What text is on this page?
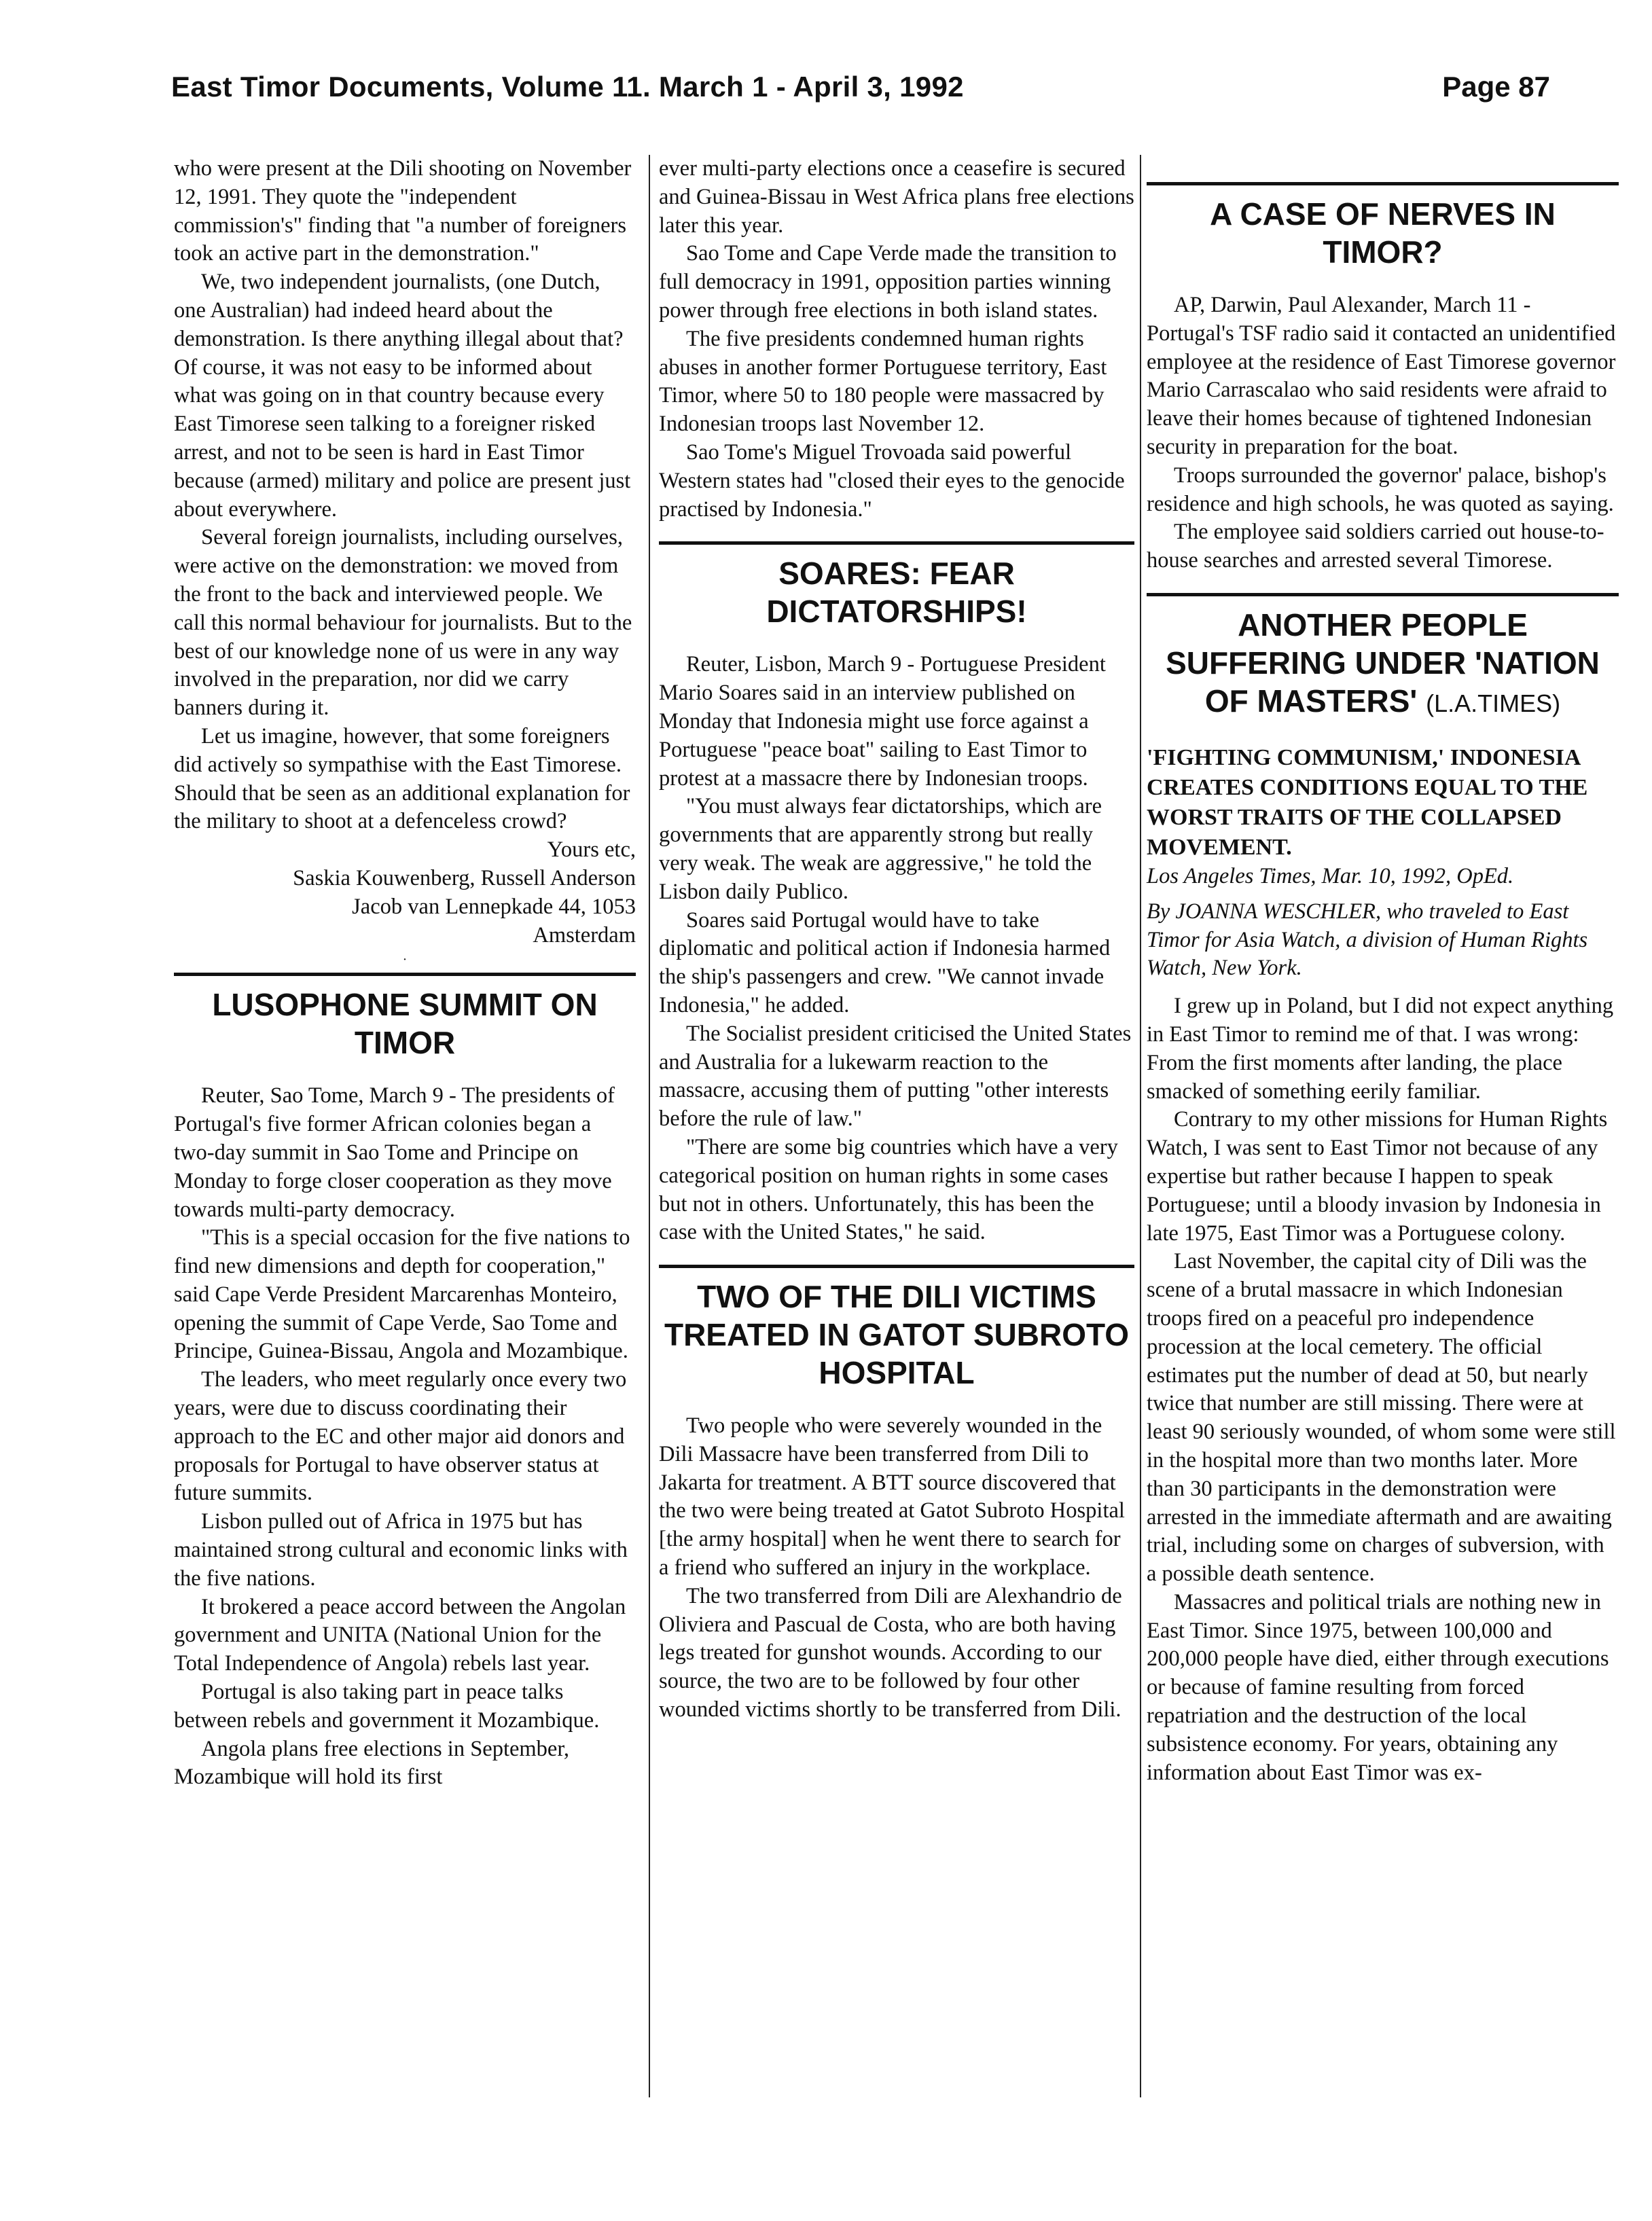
East Timor Documents, Volume 11. March 1 - April 3, 1992	Page 87

who were present at the Dili shooting on November 12, 1991. They quote the "independent commission's" finding that "a number of foreigners took an active part in the demonstration."

We, two independent journalists, (one Dutch, one Australian) had indeed heard about the demonstration. Is there anything illegal about that? Of course, it was not easy to be informed about what was going on in that country because every East Timorese seen talking to a foreigner risked arrest, and not to be seen is hard in East Timor because (armed) military and police are present just about everywhere.

Several foreign journalists, including ourselves, were active on the demonstration: we moved from the front to the back and interviewed people. We call this normal behaviour for journalists. But to the best of our knowledge none of us were in any way involved in the preparation, nor did we carry banners during it.

Let us imagine, however, that some foreigners did actively so sympathise with the East Timorese. Should that be seen as an additional explanation for the military to shoot at a defenceless crowd?

Yours etc,

Saskia Kouwenberg, Russell Anderson

Jacob van Lennepkade 44, 1053

Amsterdam

·
LUSOPHONE SUMMIT ON TIMOR

Reuter, Sao Tome, March 9 - The presidents of Portugal's five former African colonies began a two-day summit in Sao Tome and Principe on Monday to forge closer cooperation as they move towards multi-party democracy.

"This is a special occasion for the five nations to find new dimensions and depth for cooperation," said Cape Verde President Marcarenhas Monteiro, opening the summit of Cape Verde, Sao Tome and Principe, Guinea-Bissau, Angola and Mozambique.

The leaders, who meet regularly once every two years, were due to discuss coordinating their approach to the EC and other major aid donors and proposals for Portugal to have observer status at future summits.

Lisbon pulled out of Africa in 1975 but has maintained strong cultural and economic links with the five nations.

It brokered a peace accord between the Angolan government and UNITA (National Union for the Total Independence of Angola) rebels last year.

Portugal is also taking part in peace talks between rebels and government it Mozambique.

Angola plans free elections in September, Mozambique will hold its first

ever multi-party elections once a ceasefire is secured and Guinea-Bissau in West Africa plans free elections later this year.

Sao Tome and Cape Verde made the transition to full democracy in 1991, opposition parties winning power through free elections in both island states.

The five presidents condemned human rights abuses in another former Portuguese territory, East Timor, where 50 to 180 people were massacred by Indonesian troops last November 12.

Sao Tome's Miguel Trovoada said powerful Western states had "closed their eyes to the genocide practised by Indonesia."

SOARES: FEAR DICTATORSHIPS!

Reuter, Lisbon, March 9 - Portuguese President Mario Soares said in an interview published on Monday that Indonesia might use force against a Portuguese "peace boat" sailing to East Timor to protest at a massacre there by Indonesian troops.

"You must always fear dictatorships, which are governments that are apparently strong but really very weak. The weak are aggressive," he told the Lisbon daily Publico.

Soares said Portugal would have to take diplomatic and political action if Indonesia harmed the ship's passengers and crew. "We cannot invade Indonesia," he added.

The Socialist president criticised the United States and Australia for a lukewarm reaction to the massacre, accusing them of putting "other interests before the rule of law."

"There are some big countries which have a very categorical position on human rights in some cases but not in others. Unfortunately, this has been the case with the United States," he said.

TWO OF THE DILI VICTIMS TREATED IN GATOT SUBROTO HOSPITAL

Two people who were severely wounded in the Dili Massacre have been transferred from Dili to Jakarta for treatment. A BTT source discovered that the two were being treated at Gatot Subroto Hospital [the army hospital] when he went there to search for a friend who suffered an injury in the workplace.

The two transferred from Dili are Alexhandrio de Oliviera and Pascual de Costa, who are both having legs treated for gunshot wounds. According to our source, the two are to be followed by four other wounded victims shortly to be transferred from Dili.

A CASE OF NERVES IN TIMOR?

AP, Darwin, Paul Alexander, March 11 - Portugal's TSF radio said it contacted an unidentified employee at the residence of East Timorese governor Mario Carrascalao who said residents were afraid to leave their homes because of tightened Indonesian security in preparation for the boat.

Troops surrounded the governor' palace, bishop's residence and high schools, he was quoted as saying.

The employee said soldiers carried out house-to-house searches and arrested several Timorese.

ANOTHER PEOPLE SUFFERING UNDER 'NATION OF MASTERS' (L.A.TIMES)

'FIGHTING COMMUNISM,' INDONESIA CREATES CONDITIONS EQUAL TO THE WORST TRAITS OF THE COLLAPSED MOVEMENT.

Los Angeles Times, Mar. 10, 1992, OpEd.

By JOANNA WESCHLER, who traveled to East Timor for Asia Watch, a division of Human Rights Watch, New York.

I grew up in Poland, but I did not expect anything in East Timor to remind me of that. I was wrong: From the first moments after landing, the place smacked of something eerily familiar.

Contrary to my other missions for Human Rights Watch, I was sent to East Timor not because of any expertise but rather because I happen to speak Portuguese; until a bloody invasion by Indonesia in late 1975, East Timor was a Portuguese colony.

Last November, the capital city of Dili was the scene of a brutal massacre in which Indonesian troops fired on a peaceful pro independence procession at the local cemetery. The official estimates put the number of dead at 50, but nearly twice that number are still missing. There were at least 90 seriously wounded, of whom some were still in the hospital more than two months later. More than 30 participants in the demonstration were arrested in the immediate aftermath and are awaiting trial, including some on charges of subversion, with a possible death sentence.

Massacres and political trials are nothing new in East Timor. Since 1975, between 100,000 and 200,000 people have died, either through executions or because of famine resulting from forced repatriation and the destruction of the local subsistence economy. For years, obtaining any information about East Timor was ex-
